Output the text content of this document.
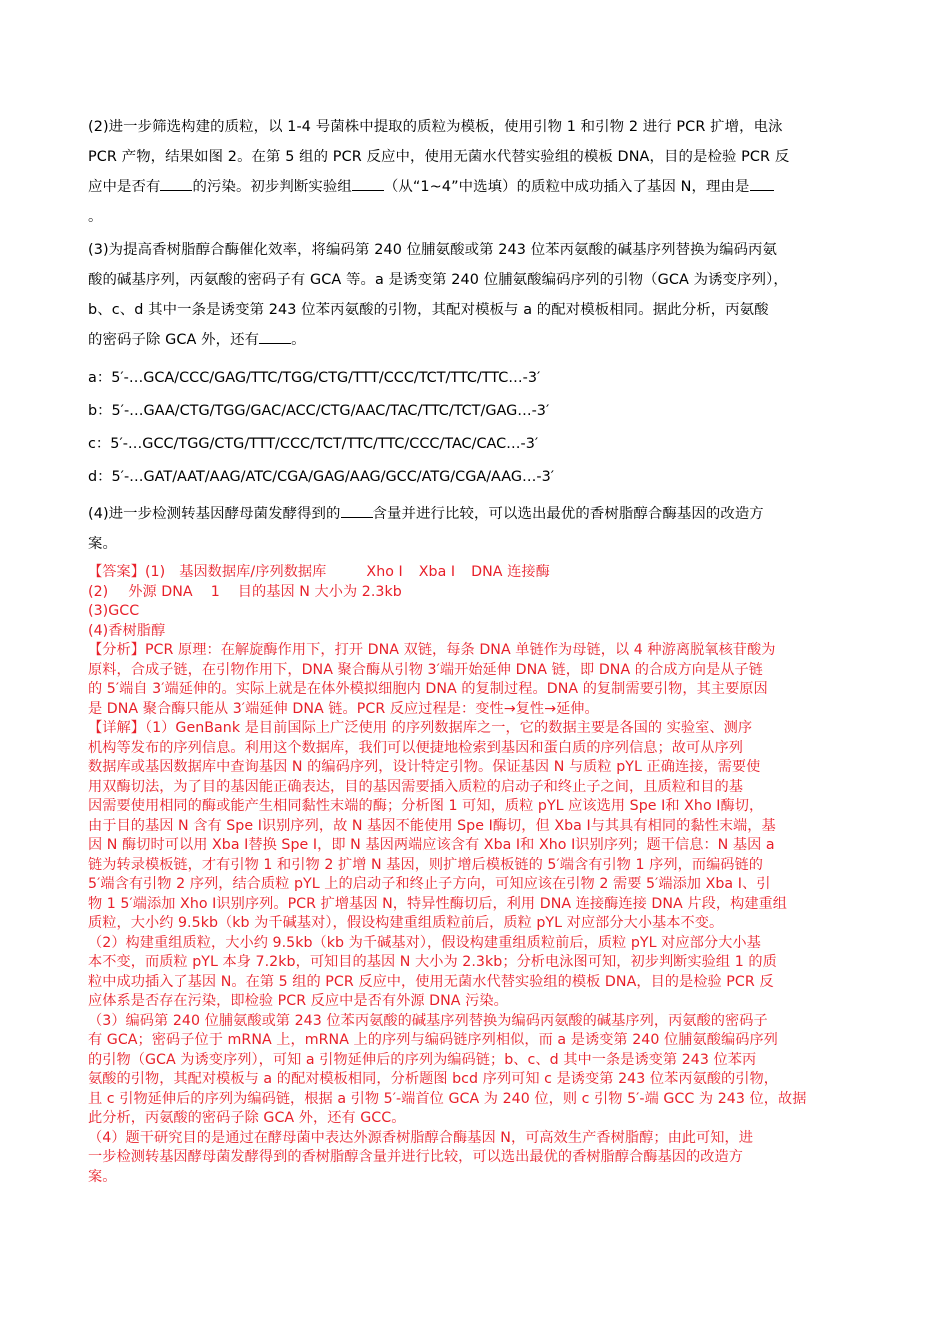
(2)进一步筛选构建的质粒，以 1-4 号菌株中提取的质粒为模板，使用引物 1 和引物 2 进行 PCR 扩增，电泳

PCR 产物，结果如图 2。在第 5 组的 PCR 反应中，使用无菌水代替实验组的模板 DNA，目的是检验 PCR 反

应中是否有 的污染。初步判断实验组 （从“1~4”中选填）的质粒中成功插入了基因 N，理由是

。

(3)为提高香树脂醇合酶催化效率，将编码第 240 位脯氨酸或第 243 位苯丙氨酸的碱基序列替换为编码丙氨

酸的碱基序列，丙氨酸的密码子有 GCA 等。a 是诱变第 240 位脯氨酸编码序列的引物（GCA 为诱变序列），

b、c、d 其中一条是诱变第 243 位苯丙氨酸的引物，其配对模板与 a 的配对模板相同。据此分析，丙氨酸

的密码子除 GCA 外，还有 。

a：5′-…GCA/CCC/GAG/TTC/TGG/CTG/TTT/CCC/TCT/TTC/TTC…-3′

b：5′-…GAA/CTG/TGG/GAC/ACC/CTG/AAC/TAC/TTC/TCT/GAG…-3′

c：5′-…GCC/TGG/CTG/TTT/CCC/TCT/TTC/TTC/CCC/TAC/CAC…-3′

d：5′-…GAT/AAT/AAG/ATC/CGA/GAG/AAG/GCC/ATG/CGA/AAG…-3′

(4)进一步检测转基因酵母菌发酵得到的 含量并进行比较，可以选出最优的香树脂醇合酶基因的改造方

案。

【答案】(1) 基因数据库/序列数据库	Xho Ⅰ Xba Ⅰ DNA 连接酶

(2) 外源 DNA 1 目的基因 N 大小为 2.3kb

(3)GCC

(4)香树脂醇

【分析】PCR 原理：在解旋酶作用下，打开 DNA 双链，每条 DNA 单链作为母链，以 4 种游离脱氧核苷酸为

原料，合成子链，在引物作用下，DNA 聚合酶从引物 3′端开始延伸 DNA 链，即 DNA 的合成方向是从子链

的 5′端自 3′端延伸的。实际上就是在体外模拟细胞内 DNA 的复制过程。DNA 的复制需要引物，其主要原因

是 DNA 聚合酶只能从 3′端延伸 DNA 链。PCR 反应过程是：变性→复性→延伸。

【详解】（1）GenBank 是目前国际上广泛使用 的序列数据库之一，它的数据主要是各国的 实验室、测序

机构等发布的序列信息。利用这个数据库，我们可以便捷地检索到基因和蛋白质的序列信息；故可从序列

数据库或基因数据库中查询基因 N 的编码序列，设计特定引物。保证基因 N 与质粒 pYL 正确连接，需要使

用双酶切法，为了目的基因能正确表达，目的基因需要插入质粒的启动子和终止子之间，且质粒和目的基

因需要使用相同的酶或能产生相同黏性末端的酶；分析图 1 可知，质粒 pYL 应该选用 Spe Ⅰ和 Xho Ⅰ酶切，

由于目的基因 N 含有 Spe Ⅰ识别序列，故 N 基因不能使用 Spe Ⅰ酶切，但 Xba Ⅰ与其具有相同的黏性末端，基

因 N 酶切时可以用 Xba Ⅰ替换 Spe Ⅰ，即 N 基因两端应该含有 Xba Ⅰ和 Xho Ⅰ识别序列；题干信息：N 基因 a

链为转录模板链，才有引物 1 和引物 2 扩增 N 基因，则扩增后模板链的 5′端含有引物 1 序列，而编码链的

5′端含有引物 2 序列，结合质粒 pYL 上的启动子和终止子方向，可知应该在引物 2 需要 5′端添加 Xba Ⅰ、引

物 1 5′端添加 Xho Ⅰ识别序列。PCR 扩增基因 N，特异性酶切后，利用 DNA 连接酶连接 DNA 片段，构建重组

质粒，大小约 9.5kb（kb 为千碱基对），假设构建重组质粒前后，质粒 pYL 对应部分大小基本不变。

（2）构建重组质粒，大小约 9.5kb（kb 为千碱基对），假设构建重组质粒前后，质粒 pYL 对应部分大小基

本不变，而质粒 pYL 本身 7.2kb，可知目的基因 N 大小为 2.3kb；分析电泳图可知，初步判断实验组 1 的质

粒中成功插入了基因 N。在第 5 组的 PCR 反应中，使用无菌水代替实验组的模板 DNA，目的是检验 PCR 反

应体系是否存在污染，即检验 PCR 反应中是否有外源 DNA 污染。

（3）编码第 240 位脯氨酸或第 243 位苯丙氨酸的碱基序列替换为编码丙氨酸的碱基序列，丙氨酸的密码子

有 GCA；密码子位于 mRNA 上，mRNA 上的序列与编码链序列相似，而 a 是诱变第 240 位脯氨酸编码序列

的引物（GCA 为诱变序列），可知 a 引物延伸后的序列为编码链；b、c、d 其中一条是诱变第 243 位苯丙

氨酸的引物，其配对模板与 a 的配对模板相同，分析题图 bcd 序列可知 c 是诱变第 243 位苯丙氨酸的引物，

且 c 引物延伸后的序列为编码链，根据 a 引物 5′-端首位 GCA 为 240 位，则 c 引物 5′-端 GCC 为 243 位，故据

此分析，丙氨酸的密码子除 GCA 外，还有 GCC。

（4）题干研究目的是通过在酵母菌中表达外源香树脂醇合酶基因 N，可高效生产香树脂醇；由此可知，进

一步检测转基因酵母菌发酵得到的香树脂醇含量并进行比较，可以选出最优的香树脂醇合酶基因的改造方

案。
